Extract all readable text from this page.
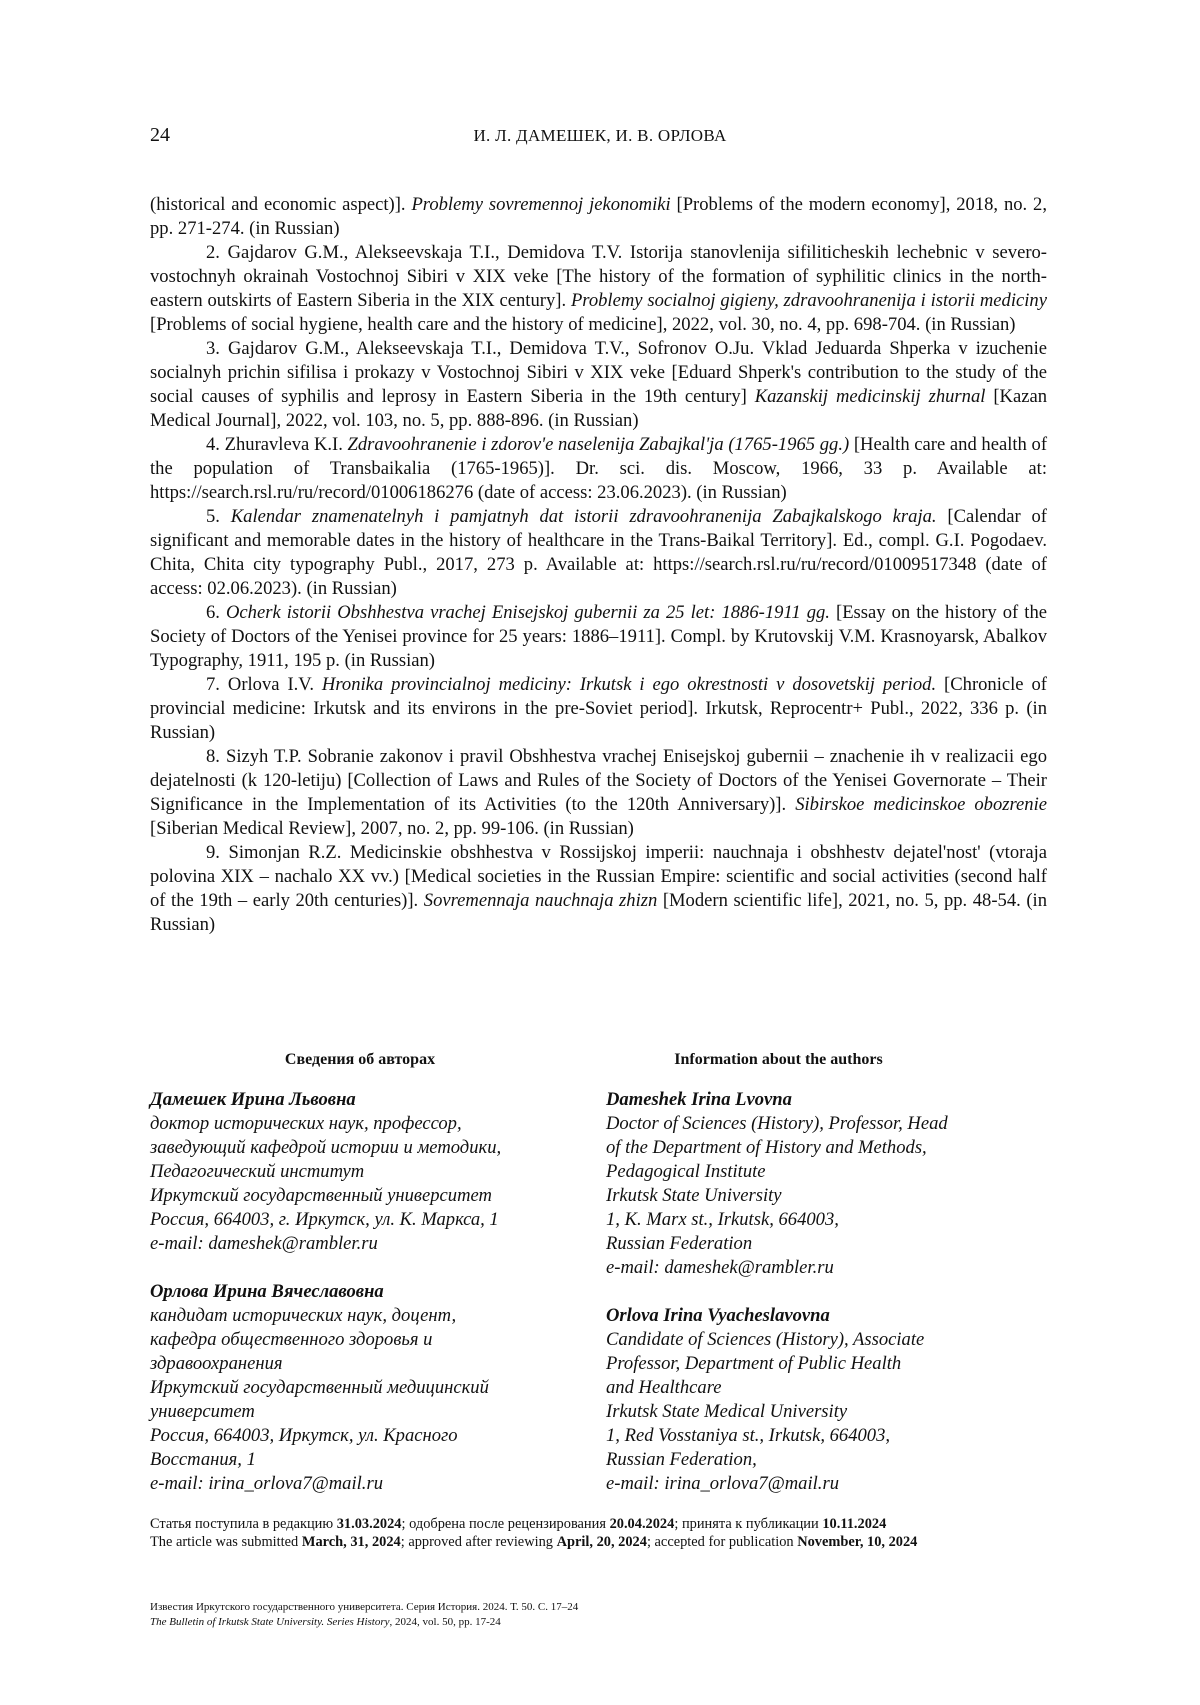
24	И. Л. ДАМЕШЕК, И. В. ОРЛОВА

(historical and economic aspect)]. Problemy sovremennoj jekonomiki [Problems of the modern economy], 2018, no. 2, pp. 271-274. (in Russian)

2. Gajdarov G.M., Alekseevskaja T.I., Demidova T.V. Istorija stanovlenija sifiliticheskih lechebnic v severo-vostochnyh okrainah Vostochnoj Sibiri v XIX veke [The history of the formation of syphilitic clinics in the north-eastern outskirts of Eastern Siberia in the XIX century]. Problemy socialnoj gigieny, zdravoohranenija i istorii mediciny [Problems of social hygiene, health care and the history of medicine], 2022, vol. 30, no. 4, pp. 698-704. (in Russian)

3. Gajdarov G.M., Alekseevskaja T.I., Demidova T.V., Sofronov O.Ju. Vklad Jeduarda Shperka v izuchenie socialnyh prichin sifilisa i prokazy v Vostochnoj Sibiri v XIX veke [Eduard Shperk's contribution to the study of the social causes of syphilis and leprosy in Eastern Siberia in the 19th century] Kazanskij medicinskij zhurnal [Kazan Medical Journal], 2022, vol. 103, no. 5, pp. 888-896. (in Russian)

4. Zhuravleva K.I. Zdravoohranenie i zdorov'e naselenija Zabajkal'ja (1765-1965 gg.) [Health care and health of the population of Transbaikalia (1765-1965)]. Dr. sci. dis. Moscow, 1966, 33 p. Available at: https://search.rsl.ru/ru/record/01006186276 (date of access: 23.06.2023). (in Russian)

5. Kalendar znamenatelnyh i pamjatnyh dat istorii zdravoohranenija Zabajkalskogo kraja. [Calendar of significant and memorable dates in the history of healthcare in the Trans-Baikal Territory]. Ed., compl. G.I. Pogodaev. Chita, Chita city typography Publ., 2017, 273 p. Available at: https://search.rsl.ru/ru/record/01009517348 (date of access: 02.06.2023). (in Russian)

6. Ocherk istorii Obshhestva vrachej Enisejskoj gubernii za 25 let: 1886-1911 gg. [Essay on the history of the Society of Doctors of the Yenisei province for 25 years: 1886–1911]. Compl. by Krutovskij V.M. Krasnoyarsk, Abalkov Typography, 1911, 195 p. (in Russian)

7. Orlova I.V. Hronika provincialnoj mediciny: Irkutsk i ego okrestnosti v dosovetskij period. [Chronicle of provincial medicine: Irkutsk and its environs in the pre-Soviet period]. Irkutsk, Reprocentr+ Publ., 2022, 336 p. (in Russian)

8. Sizyh T.P. Sobranie zakonov i pravil Obshhestva vrachej Enisejskoj gubernii – znachenie ih v realizacii ego dejatelnosti (k 120-letiju) [Collection of Laws and Rules of the Society of Doctors of the Yenisei Governorate – Their Significance in the Implementation of its Activities (to the 120th Anniversary)]. Sibirskoe medicinskoe obozrenie [Siberian Medical Review], 2007, no. 2, pp. 99-106. (in Russian)

9. Simonjan R.Z. Medicinskie obshhestva v Rossijskoj imperii: nauchnaja i obshhestv dejatel'nost' (vtoraja polovina XIX – nachalo XX vv.) [Medical societies in the Russian Empire: scientific and social activities (second half of the 19th – early 20th centuries)]. Sovremennaja nauchnaja zhizn [Modern scientific life], 2021, no. 5, pp. 48-54. (in Russian)

Сведения об авторах
Дамешек Ирина Львовна
доктор исторических наук, профессор,
заведующий кафедрой истории и методики,
Педагогический институт
Иркутский государственный университет
Россия, 664003, г. Иркутск, ул. К. Маркса, 1
e-mail: dameshek@rambler.ru
Орлова Ирина Вячеславовна
кандидат исторических наук, доцент,
кафедра общественного здоровья и
здравоохранения
Иркутский государственный медицинский
университет
Россия, 664003, Иркутск, ул. Красного
Восстания, 1
e-mail: irina_orlova7@mail.ru
Information about the authors
Dameshek Irina Lvovna
Doctor of Sciences (History), Professor, Head
of the Department of History and Methods,
Pedagogical Institute
Irkutsk State University
1, K. Marx st., Irkutsk, 664003,
Russian Federation
e-mail: dameshek@rambler.ru
Orlova Irina Vyacheslavovna
Candidate of Sciences (History), Associate
Professor, Department of Public Health
and Healthcare
Irkutsk State Medical University
1, Red Vosstaniya st., Irkutsk, 664003,
Russian Federation,
e-mail: irina_orlova7@mail.ru
Статья поступила в редакцию 31.03.2024; одобрена после рецензирования 20.04.2024; принята к публикации 10.11.2024
The article was submitted March, 31, 2024; approved after reviewing April, 20, 2024; accepted for publication November, 10, 2024
Известия Иркутского государственного университета. Серия История. 2024. Т. 50. С. 17–24
The Bulletin of Irkutsk State University. Series History, 2024, vol. 50, pp. 17-24
